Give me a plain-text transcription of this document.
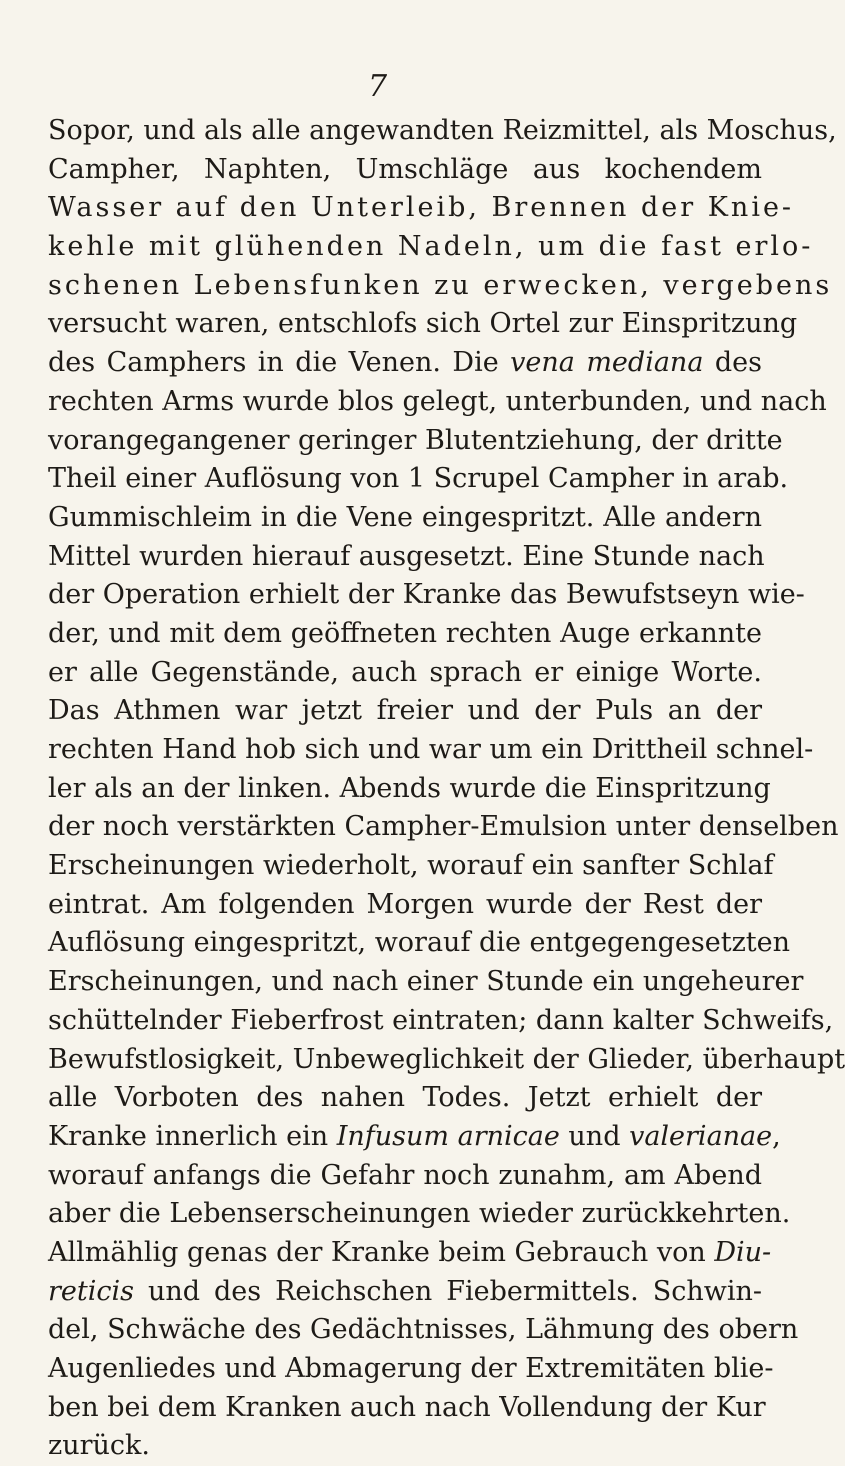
7
Sopor, und als alle angewandten Reizmittel, als Moschus,
Campher, Naphten, Umschläge aus kochendem
Wasser auf den Unterleib, Brennen der Knie-
kehle mit glühenden Nadeln, um die fast erlo-
schenen Lebensfunken zu erwecken, vergebens
versucht waren, entschlofs sich Ortel zur Einspritzung
des Camphers in die Venen. Die vena mediana des
rechten Arms wurde blos gelegt, unterbunden, und nach
vorangegangener geringer Blutentziehung, der dritte
Theil einer Auflösung von 1 Scrupel Campher in arab.
Gummischleim in die Vene eingespritzt. Alle andern
Mittel wurden hierauf ausgesetzt. Eine Stunde nach
der Operation erhielt der Kranke das Bewufstseyn wie-
der, und mit dem geöffneten rechten Auge erkannte
er alle Gegenstände, auch sprach er einige Worte.
Das Athmen war jetzt freier und der Puls an der
rechten Hand hob sich und war um ein Drittheil schnel-
ler als an der linken. Abends wurde die Einspritzung
der noch verstärkten Campher-Emulsion unter denselben
Erscheinungen wiederholt, worauf ein sanfter Schlaf
eintrat. Am folgenden Morgen wurde der Rest der
Auflösung eingespritzt, worauf die entgegengesetzten
Erscheinungen, und nach einer Stunde ein ungeheurer
schüttelnder Fieberfrost eintraten; dann kalter Schweifs,
Bewufstlosigkeit, Unbeweglichkeit der Glieder, überhaupt
alle Vorboten des nahen Todes. Jetzt erhielt der
Kranke innerlich ein Infusum arnicae und valerianae,
worauf anfangs die Gefahr noch zunahm, am Abend
aber die Lebenserscheinungen wieder zurückkehrten.
Allmählig genas der Kranke beim Gebrauch von Diu-
reticis und des Reichschen Fiebermittels. Schwin-
del, Schwäche des Gedächtnisses, Lähmung des obern
Augenliedes und Abmagerung der Extremitäten blie-
ben bei dem Kranken auch nach Vollendung der Kur
zurück.
